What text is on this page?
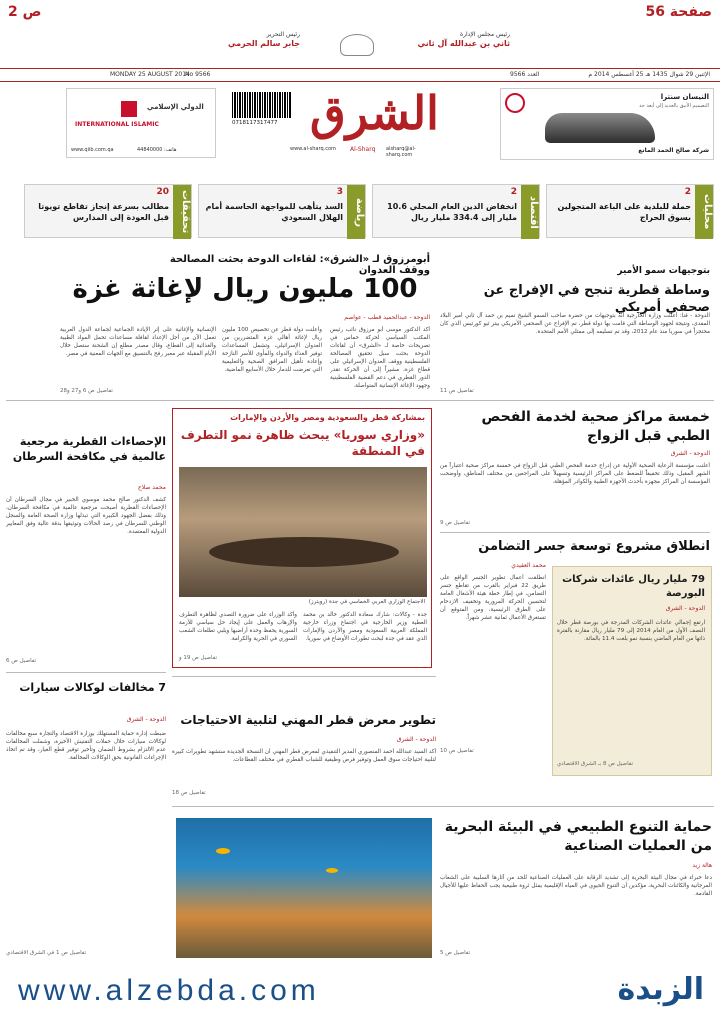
ص 2	صفحة 56
رئيس التحرير
جابر سالم الحرمي
رئيس مجلس الإدارة
ثاني بن عبدالله آل ثاني
MONDAY 25 AUGUST 2014
No 9566	العدد 9566	الإثنين 29 شوال 1435 هـ 25 أغسطس 2014 م
INTERNATIONAL ISLAMIC
الدولي الإسلامي
www.qiib.com.qa	هاتف: 44840000
0718117317477 الشرق
www.al-sharq.com Al-Sharq alsharq@al-sharq.com
النيسان سنترا
التصميم الأنيق بالعديد إلى أبعد حد
شركة صالح الحمد المانع
محليات
2
حملة للبلدية على الباعة المتجولين بسوق الحراج
اقتصاد
2
انخفاض الدين العام المحلي 10.6 مليار إلى 334.4 مليار ريال
رياضة
3
السد يتأهب للمواجهة الحاسمة أمام الهلال السعودي
تحقيقات
20
مطالب بسرعة إنجاز تقاطع تويوتا قبل العودة إلى المدارس
أبومرزوق لـ «الشرق»: لقاءات الدوحة بحثت المصالحة ووقف العدوان
100 مليون ريال لإغاثة غزة
الدوحة - عبدالحميد قطب - عواصم
أكد الدكتور موسى أبو مرزوق نائب رئيس المكتب السياسي لحركة حماس في تصريحات خاصة لـ «الشرق» أن لقاءات الدوحة بحثت سبل تحقيق المصالحة الفلسطينية ووقف العدوان الإسرائيلي على قطاع غزة، مشيراً إلى أن الحركة تقدر الدور القطري في دعم القضية الفلسطينية وجهود الإغاثة الإنسانية المتواصلة.
وأعلنت دولة قطر عن تخصيص 100 مليون ريال لإغاثة أهالي غزة المتضررين من العدوان الإسرائيلي، وتشمل المساعدات توفير الغذاء والدواء والمأوى للأسر النازحة وإعادة تأهيل المرافق الصحية والتعليمية التي تعرضت للدمار خلال الأسابيع الماضية.
الإنسانية والإغاثية على إثر الإبادة الجماعية لجماعة الدول العربية تعمل الآن من أجل الإعداد لقافلة مساعدات تحمل المواد الطبية والغذائية إلى القطاع، وقال مصدر مطلع إن الشحنة ستصل خلال الأيام المقبلة عبر معبر رفح بالتنسيق مع الجهات المعنية في مصر.
تفاصيل ص 6 و27 و28
بتوجيهات سمو الأمير
وساطة قطرية تنجح في الإفراج عن صحفي أمريكي
الدوحة - قنا: أعلنت وزارة الخارجية أنه بتوجيهات من حضرة صاحب السمو الشيخ تميم بن حمد آل ثاني أمير البلاد المفدى، ونتيجة لجهود الوساطة التي قامت بها دولة قطر، تم الإفراج عن الصحفي الأمريكي بيتر ثيو كورتيس الذي كان محتجزاً في سوريا منذ عام 2012، وقد تم تسليمه إلى ممثلي الأمم المتحدة.
تفاصيل ص 11
بمشاركة قطر والسعودية ومصر والأردن والإمارات
«وزاري سوريا» يبحث ظاهرة نمو التطرف في المنطقة
الاجتماع الوزاري العربي الخماسي في جدة (رويترز)
جدة - وكالات: شارك سعادة الدكتور خالد بن محمد العطية وزير الخارجية في اجتماع وزراء خارجية المملكة العربية السعودية ومصر والأردن والإمارات الذي عقد في جدة لبحث تطورات الأوضاع في سوريا.
وأكد الوزراء على ضرورة التصدي لظاهرة التطرف والإرهاب والعمل على إيجاد حل سياسي للأزمة السورية يحفظ وحدة أراضيها ويلبي تطلعات الشعب السوري في الحرية والكرامة.
تفاصيل ص 19 و
خمسة مراكز صحية لخدمة الفحص الطبي قبل الزواج
الدوحة - الشرق
أعلنت مؤسسة الرعاية الصحية الأولية عن إدراج خدمة الفحص الطبي قبل الزواج في خمسة مراكز صحية اعتباراً من الشهر المقبل، وذلك تخفيفاً للضغط على المراكز الرئيسية وتسهيلاً على المراجعين من مختلف المناطق، وأوضحت المؤسسة أن المراكز مجهزة بأحدث الأجهزة الطبية والكوادر المؤهلة.
تفاصيل ص 9
الإحصاءات القطرية مرجعية عالمية في مكافحة السرطان
محمد صلاح
كشف الدكتور صالح محمد موسوي الخبير في مجال السرطان أن الإحصاءات القطرية أصبحت مرجعية عالمية في مكافحة السرطان، وذلك بفضل الجهود الكبيرة التي تبذلها وزارة الصحة العامة والسجل الوطني للسرطان في رصد الحالات وتوثيقها بدقة عالية وفق المعايير الدولية المعتمدة.
تفاصيل ص 6
انطلاق مشروع توسعة جسر التضامن
محمد العقيدي
انطلقت أعمال تطوير الجسر الواقع على طريق 22 فبراير بالقرب من تقاطع جسر التضامن، في إطار خطة هيئة الأشغال العامة لتحسين الحركة المرورية وتخفيف الازدحام على الطرق الرئيسية، ومن المتوقع أن تستغرق الأعمال ثمانية عشر شهراً.
تفاصيل ص 10
79 مليار ريال عائدات شركات البورصة
الدوحة - الشرق
ارتفع إجمالي عائدات الشركات المدرجة في بورصة قطر خلال النصف الأول من العام 2014 إلى 79 مليار ريال مقارنة بالفترة ذاتها من العام الماضي بنسبة نمو بلغت 11.4 بالمائة.
تفاصيل ص 8 بـ الشرق الاقتصادي
تطوير معرض قطر المهني لتلبية الاحتياجات
الدوحة - الشرق
أكد السيد عبدالله أحمد المنصوري المدير التنفيذي لمعرض قطر المهني أن النسخة الجديدة ستشهد تطويرات كبيرة لتلبية احتياجات سوق العمل وتوفير فرص وظيفية للشباب القطري في مختلف القطاعات.
تفاصيل ص 18
7 مخالفات لوكالات سيارات
الدوحة - الشرق
ضبطت إدارة حماية المستهلك بوزارة الاقتصاد والتجارة سبع مخالفات لوكالات سيارات خلال حملات التفتيش الأخيرة، وشملت المخالفات عدم الالتزام بشروط الضمان وتأخير توفير قطع الغيار، وقد تم اتخاذ الإجراءات القانونية بحق الوكالات المخالفة.
تفاصيل ص 1 في الشرق الاقتصادي
حماية التنوع الطبيعي في البيئة البحرية من العمليات الصناعية
هالة زيد
دعا خبراء في مجال البيئة البحرية إلى تشديد الرقابة على العمليات الصناعية للحد من آثارها السلبية على الشعاب المرجانية والكائنات البحرية، مؤكدين أن التنوع الحيوي في المياه الإقليمية يمثل ثروة طبيعية يجب الحفاظ عليها للأجيال القادمة.
تفاصيل ص 5
www.alzebda.com	الزبدة
